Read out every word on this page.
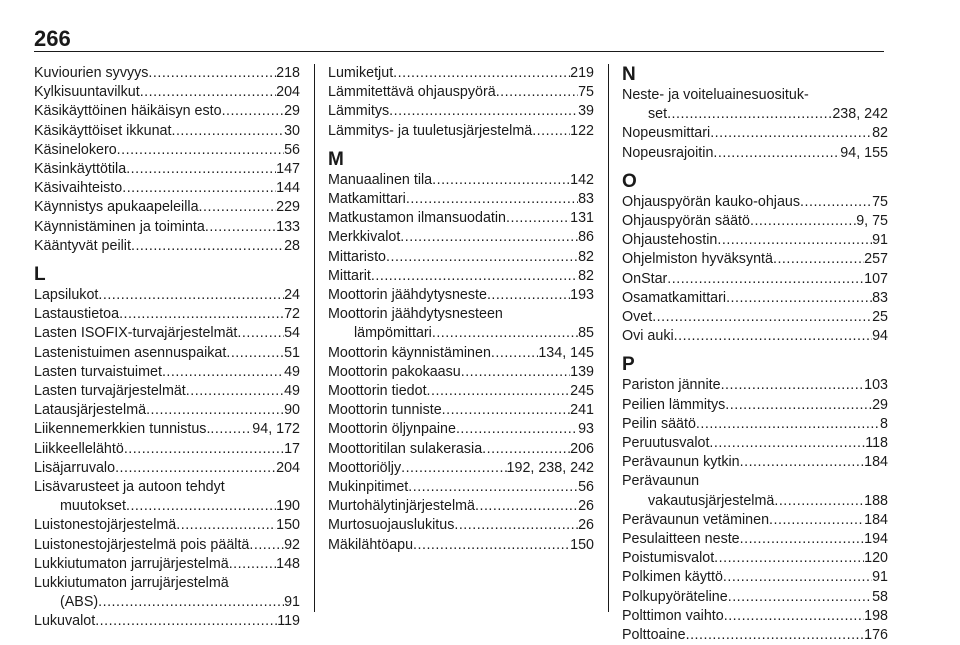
266
Kuviourien syvyys .....	218
Kylkisuuntavilkut .....	204
Käsikäyttöinen häikäisyn esto .....	29
Käsikäyttöiset ikkunat .....	30
Käsinelokero .....	56
Käsinkäyttötila .....	147
Käsivaihteisto .....	144
Käynnistys apukaapeleilla .....	229
Käynnistäminen ja toiminta .....	133
Kääntyvät peilit .....	28
L
Lapsilukot .....	24
Lastaustietoa .....	72
Lasten ISOFIX-turvajärjestelmät .....	54
Lastenistuimen asennuspaikat .....	51
Lasten turvaistuimet .....	49
Lasten turvajärjestelmät .....	49
Latausjärjestelmä .....	90
Liikennemerkkien tunnistus. .....	94, 172
Liikkeellelähtö .....	17
Lisäjarruvalo .....	204
Lisävarusteet ja autoon tehdyt
muutokset .....	190
Luistonestojärjestelmä .....	150
Luistonestojärjestelmä pois päältä ..... 92
Lukkiutumaton jarrujärjestelmä .....	148
Lukkiutumaton jarrujärjestelmä
(ABS) .....	91
Lukuvalot .....	119
Lumiketjut .....	219
Lämmitettävä ohjauspyörä .....	75
Lämmitys .....	39
Lämmitys- ja tuuletusjärjestelmä .....	122
M
Manuaalinen tila .....	142
Matkamittari .....	83
Matkustamon ilmansuodatin .....	131
Merkkivalot .....	86
Mittaristo .....	82
Mittarit .....	82
Moottorin jäähdytysneste .....	193
Moottorin jäähdytysnesteen
lämpömittari .....	85
Moottorin käynnistäminen .....	134, 145
Moottorin pakokaasu .....	139
Moottorin tiedot .....	245
Moottorin tunniste .....	241
Moottorin öljynpaine .....	93
Moottoritilan sulakerasia .....	206
Moottoriöljy .....	192, 238, 242
Mukinpitimet .....	56
Murtohälytinjärjestelmä .....	26
Murtosuojauslukitus .....	26
Mäkilähtöapu .....	150
N
Neste- ja voiteluainesuosituk-
set .....	238, 242
Nopeusmittari .....	82
Nopeusrajoitin .....	94, 155
O
Ohjauspyörän kauko-ohjaus .....	75
Ohjauspyörän säätö .....	9, 75
Ohjaustehostin .....	91
Ohjelmiston hyväksyntä .....	257
OnStar .....	107
Osamatkamittari .....	83
Ovet .....	25
Ovi auki .....	94
P
Pariston jännite .....	103
Peilien lämmitys .....	29
Peilin säätö .....	8
Peruutusvalot .....	118
Perävaunun kytkin .....	184
Perävaunun
vakautusjärjestelmä .....	188
Perävaunun vetäminen .....	184
Pesulaitteen neste .....	194
Poistumisvalot .....	120
Polkimen käyttö .....	91
Polkupyöräteline .....	58
Polttimon vaihto .....	198
Polttoaine .....	176
